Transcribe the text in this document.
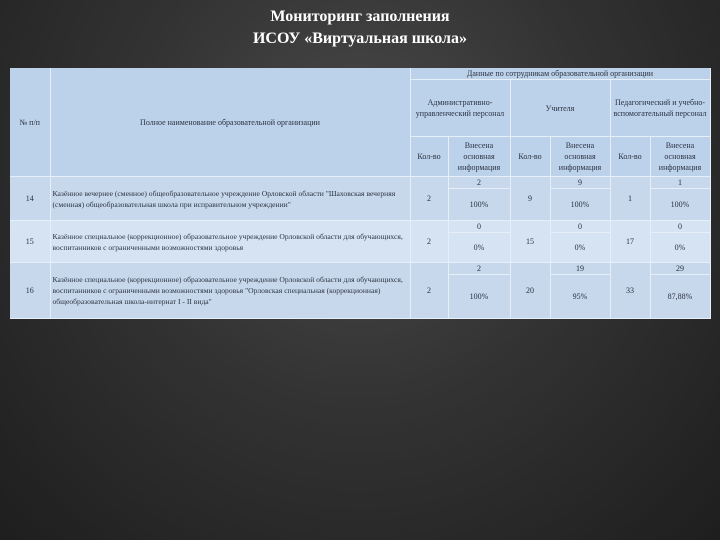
Мониторинг заполнения
ИСОУ «Виртуальная школа»
№ п/п	Полное наименование образовательной организации	Данные по сотрудникам образовательной организации					
		Административно-управленческий персонал		Учителя		Педагогический и учебно-вспомогательный персонал	
		Кол-во	Внесена основная информация	Кол-во	Внесена основная информация	Кол-во	Внесена основная информация
14	Казённое вечернее (сменное) общеобразовательное учреждение Орловской области "Шаховская вечерняя (сменная) общеобразовательная школа при исправительном учреждении"	2	2	9	9	1	1
			100%		100%		100%
15	Казённое специальное (коррекционное) образовательное учреждение Орловской области для обучающихся, воспитанников с ограниченными возможностями здоровья	2	0	15	0	17	0
			0%		0%		0%
16	Казённое специальное (коррекционное) образовательное учреждение Орловской области для обучающихся, воспитанников с ограниченными возможностями здоровья "Орловская специальная (коррекционная) общеобразовательная школа-интернат I - II вида"	2	2	20	19	33	29
			100%		95%		87,88%
